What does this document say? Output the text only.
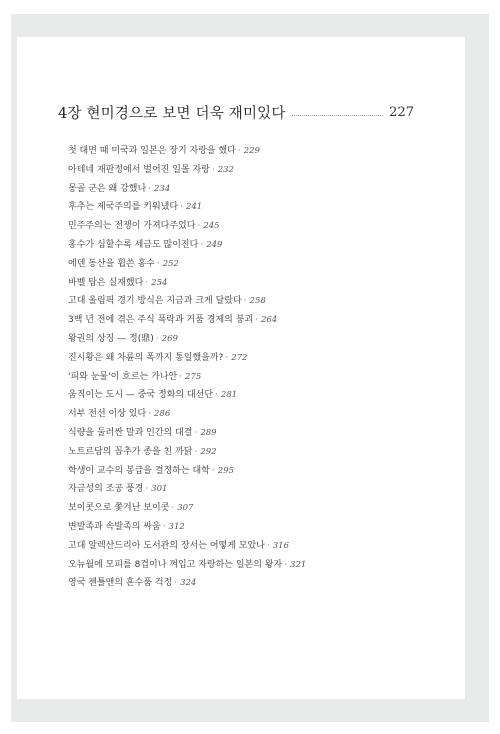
4장 현미경으로 보면 더욱 재미있다	227
첫 대면 때 미국과 일본은 장기 자랑을 했다 · 229
아테네 재판정에서 벌어진 일몰 자랑 · 232
몽골 군은 왜 강했나 · 234
후추는 제국주의를 키워냈다 · 241
민주주의는 전쟁이 가져다주었다 · 245
홍수가 심할수록 세금도 많이진다 · 249
에덴 동산을 휩쓴 홍수 · 252
바벨 탑은 실재했다 · 254
고대 올림픽 경기 방식은 지금과 크게 달랐다 · 258
3백 년 전에 겪은 주식 폭락과 거품 경제의 붕괴 · 264
왕권의 상징 — 정(鼎) · 269
진시황은 왜 차륜의 폭까지 통일했을까? · 272
'피와 눈물'이 흐르는 가나안 · 275
움직이는 도시 — 중국 정화의 대선단 · 281
서부 전선 이상 있다 · 286
식량을 둘러싼 말과 인간의 대결 · 289
노트르담의 꼽추가 종을 친 까닭 · 292
학생이 교수의 봉급을 결정하는 대학 · 295
자금성의 조공 풍경 · 301
보이콧으로 쫓겨난 보이콧 · 307
변발족과 속발족의 싸움 · 312
고대 알렉산드리아 도서관의 장서는 어떻게 모았나 · 316
오뉴월에 모피를 8겹이나 껴입고 자랑하는 일본의 왕자 · 321
영국 젠틀맨의 혼수품 걱정 · 324
